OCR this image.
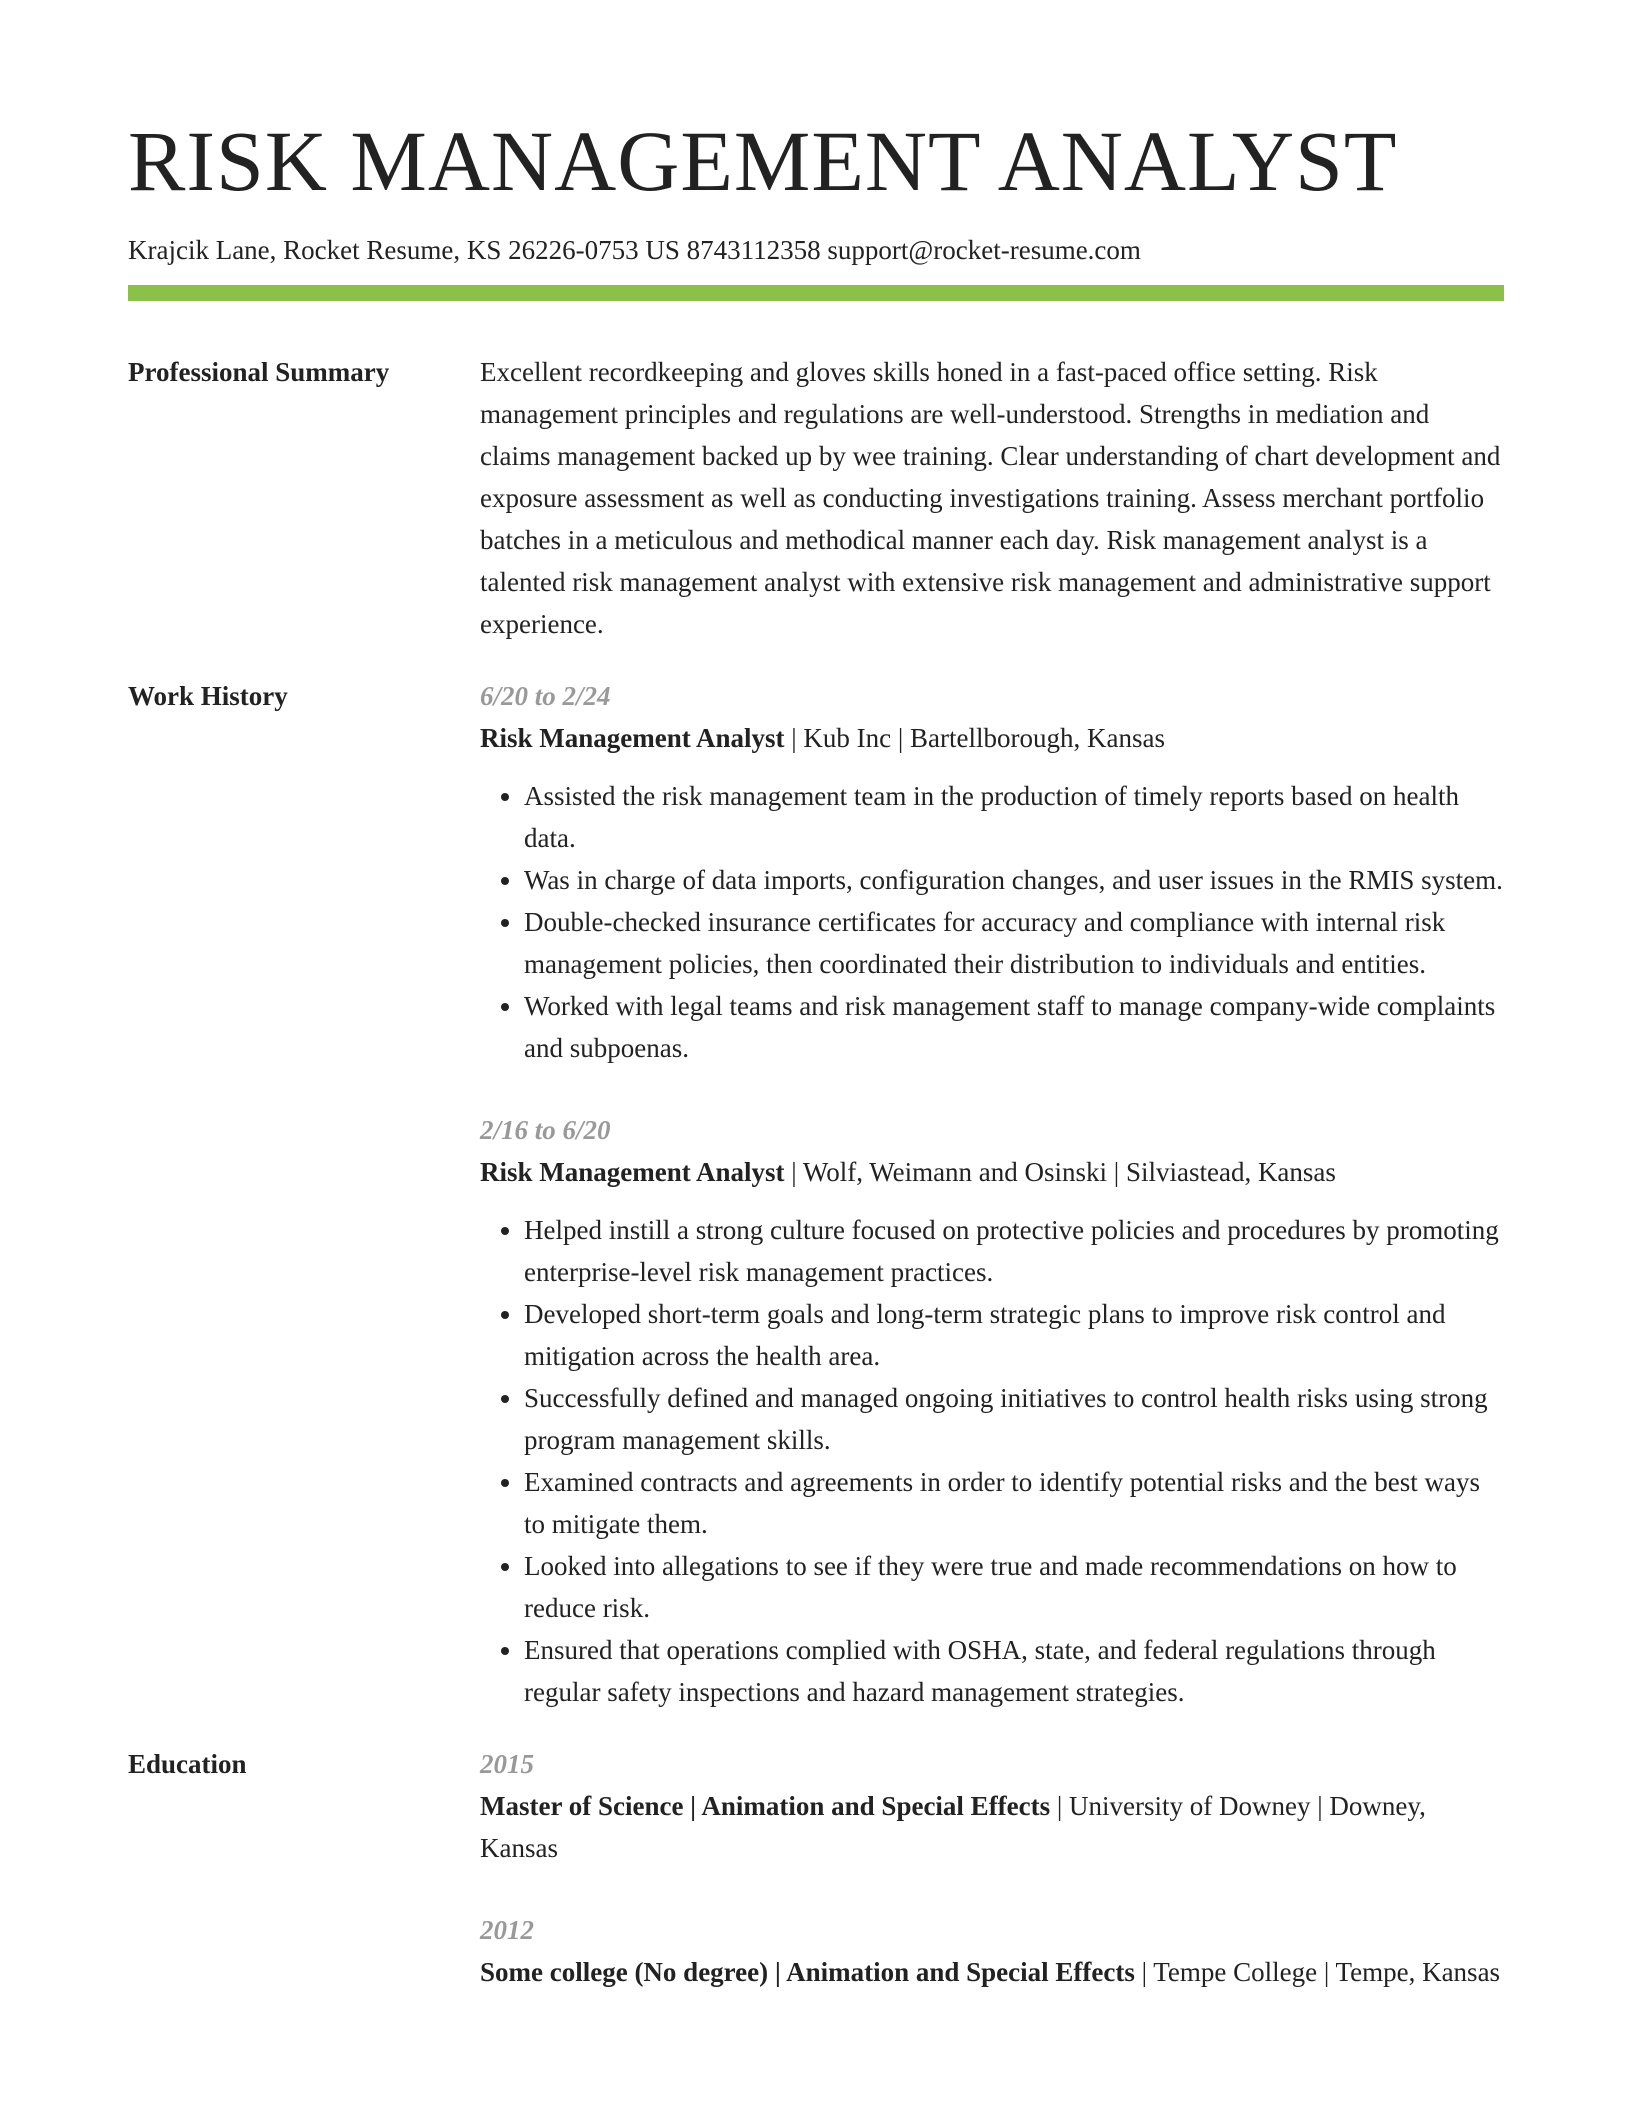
RISK MANAGEMENT ANALYST
Krajcik Lane, Rocket Resume, KS 26226-0753 US 8743112358 support@rocket-resume.com
Professional Summary	Excellent recordkeeping and gloves skills honed in a fast-paced office setting. Risk management principles and regulations are well-understood. Strengths in mediation and claims management backed up by wee training. Clear understanding of chart development and exposure assessment as well as conducting investigations training. Assess merchant portfolio batches in a meticulous and methodical manner each day. Risk management analyst is a talented risk management analyst with extensive risk management and administrative support experience.

Work History	6/20 to 2/24
Risk Management Analyst | Kub Inc | Bartellborough, Kansas
• Assisted the risk management team in the production of timely reports based on health data.
• Was in charge of data imports, configuration changes, and user issues in the RMIS system.
• Double-checked insurance certificates for accuracy and compliance with internal risk management policies, then coordinated their distribution to individuals and entities.
• Worked with legal teams and risk management staff to manage company-wide complaints and subpoenas.
2/16 to 6/20
Risk Management Analyst | Wolf, Weimann and Osinski | Silviastead, Kansas
• Helped instill a strong culture focused on protective policies and procedures by promoting enterprise-level risk management practices.
• Developed short-term goals and long-term strategic plans to improve risk control and mitigation across the health area.
• Successfully defined and managed ongoing initiatives to control health risks using strong program management skills.
• Examined contracts and agreements in order to identify potential risks and the best ways to mitigate them.
• Looked into allegations to see if they were true and made recommendations on how to reduce risk.
• Ensured that operations complied with OSHA, state, and federal regulations through regular safety inspections and hazard management strategies.
Education	2015
Master of Science | Animation and Special Effects | University of Downey | Downey, Kansas
2012
Some college (No degree) | Animation and Special Effects | Tempe College | Tempe, Kansas
